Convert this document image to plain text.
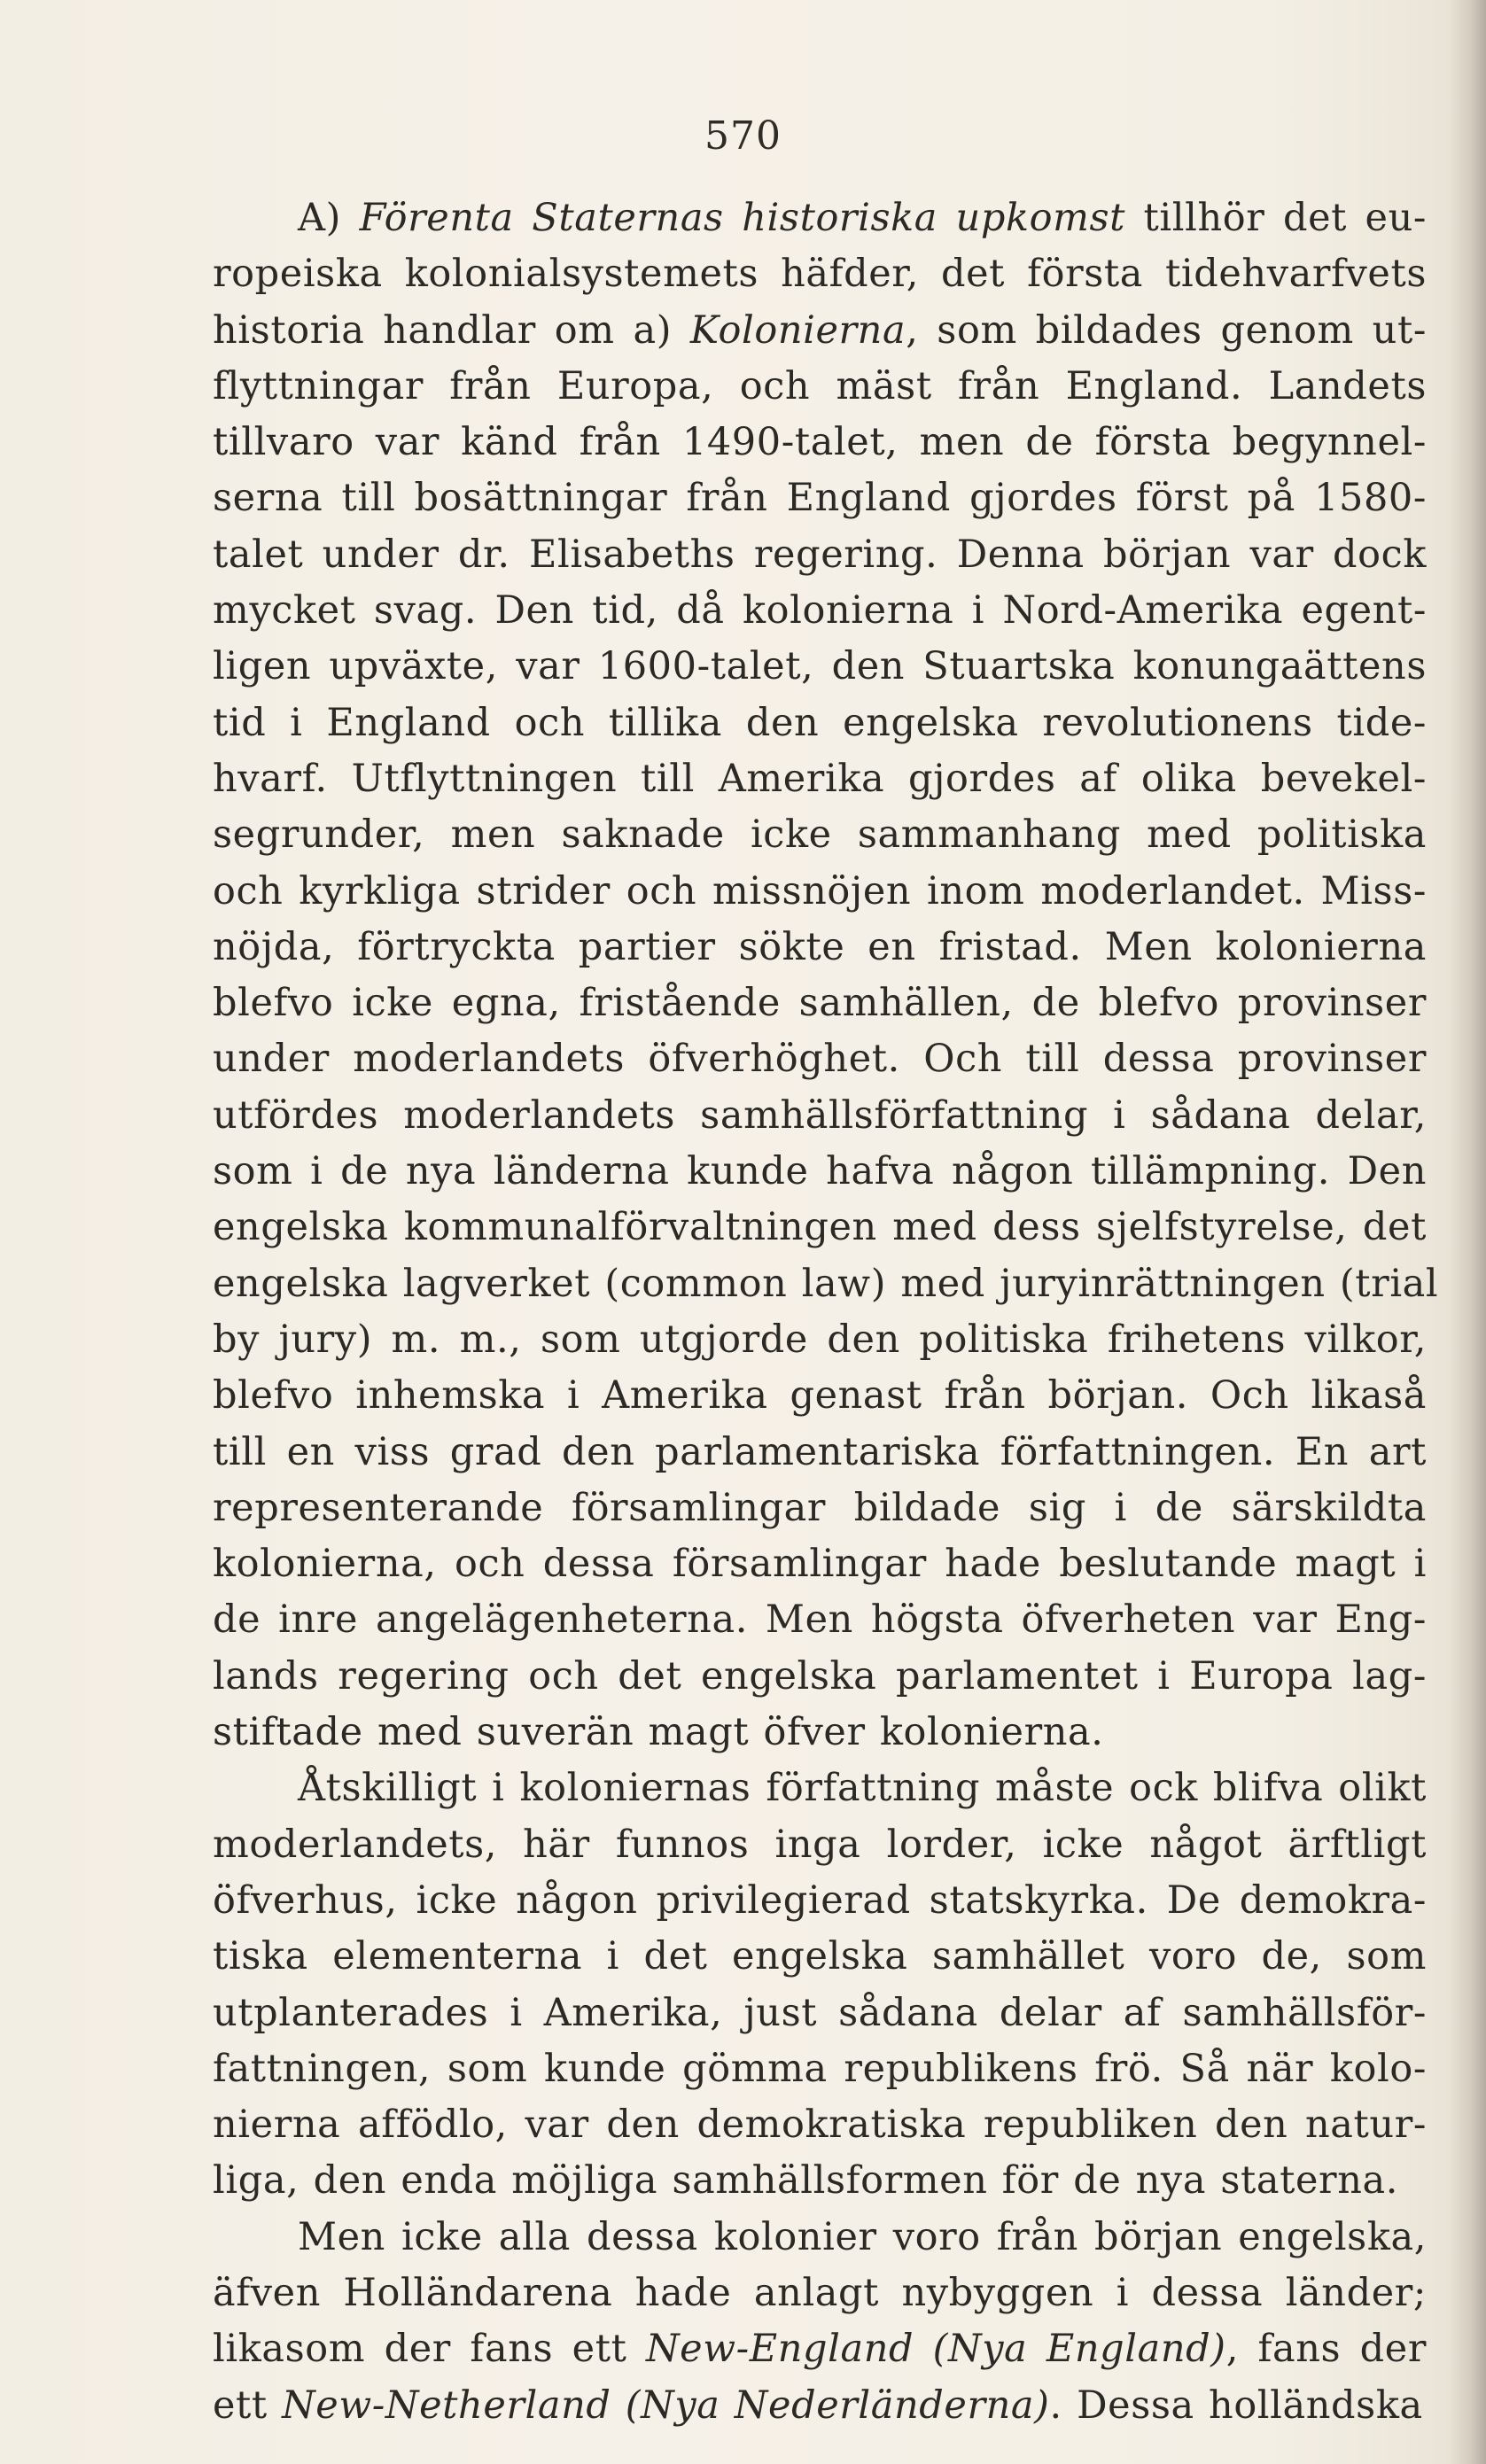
570
A) Förenta Staternas historiska upkomst tillhör det eu-
ropeiska kolonialsystemets häfder, det första tidehvarfvets
historia handlar om a) Kolonierna, som bildades genom ut-
flyttningar från Europa, och mäst från England. Landets
tillvaro var känd från 1490-talet, men de första begynnel-
serna till bosättningar från England gjordes först på 1580-
talet under dr. Elisabeths regering. Denna början var dock
mycket svag. Den tid, då kolonierna i Nord-Amerika egent-
ligen upväxte, var 1600-talet, den Stuartska konungaättens
tid i England och tillika den engelska revolutionens tide-
hvarf. Utflyttningen till Amerika gjordes af olika bevekel-
segrunder, men saknade icke sammanhang med politiska
och kyrkliga strider och missnöjen inom moderlandet. Miss-
nöjda, förtryckta partier sökte en fristad. Men kolonierna
blefvo icke egna, fristående samhällen, de blefvo provinser
under moderlandets öfverhöghet. Och till dessa provinser
utfördes moderlandets samhällsförfattning i sådana delar,
som i de nya länderna kunde hafva någon tillämpning. Den
engelska kommunalförvaltningen med dess sjelfstyrelse, det
engelska lagverket (common law) med juryinrättningen (trial
by jury) m. m., som utgjorde den politiska frihetens vilkor,
blefvo inhemska i Amerika genast från början. Och likaså
till en viss grad den parlamentariska författningen. En art
representerande församlingar bildade sig i de särskildta
kolonierna, och dessa församlingar hade beslutande magt i
de inre angelägenheterna. Men högsta öfverheten var Eng-
lands regering och det engelska parlamentet i Europa lag-
stiftade med suverän magt öfver kolonierna.
Åtskilligt i koloniernas författning måste ock blifva olikt
moderlandets, här funnos inga lorder, icke något ärftligt
öfverhus, icke någon privilegierad statskyrka. De demokra-
tiska elementerna i det engelska samhället voro de, som
utplanterades i Amerika, just sådana delar af samhällsför-
fattningen, som kunde gömma republikens frö. Så när kolo-
nierna affödlo, var den demokratiska republiken den natur-
liga, den enda möjliga samhällsformen för de nya staterna.
Men icke alla dessa kolonier voro från början engelska,
äfven Holländarena hade anlagt nybyggen i dessa länder;
likasom der fans ett New-England (Nya England), fans der
ett New-Netherland (Nya Nederländerna). Dessa holländska
